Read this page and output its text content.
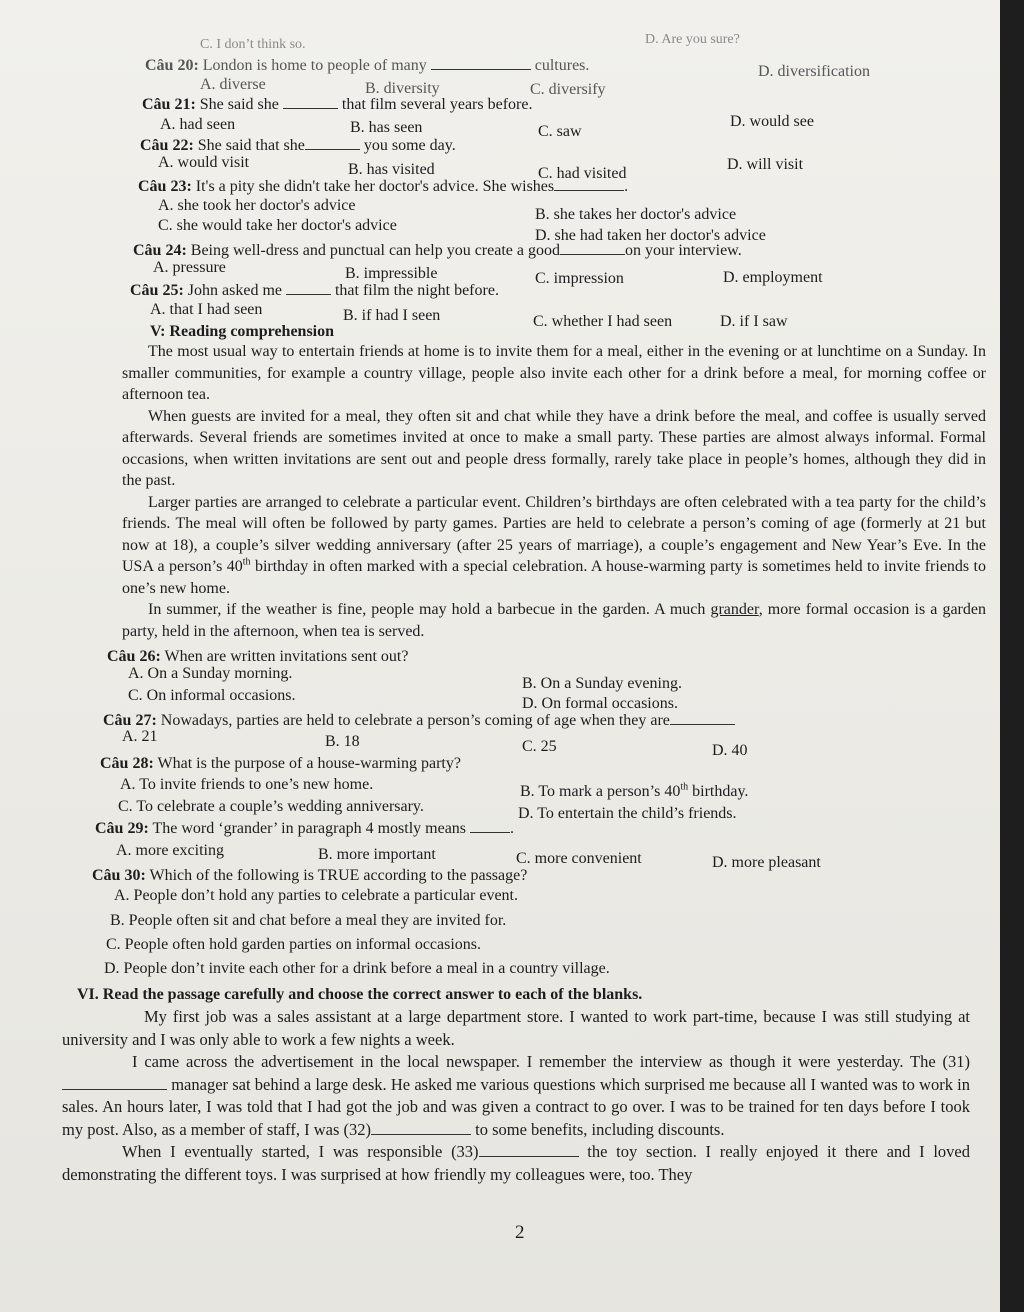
C. I don’t think so.	D. Are you sure?
Câu 20: London is home to people of many	cultures.
A. diverse	B. diversity	C. diversify
D. diversification
Câu 21: She said she	that film several years before.
A. had seen	B. has seen	C. saw
D. would see
Câu 22: She said that she	you some day.
A. would visit	B. has visited	C. had visited
D. will visit
Câu 23: It's a pity she didn't take her doctor's advice. She wishes	.
A. she took her doctor's advice
B. she takes her doctor's advice
C. she would take her doctor's advice
D. she had taken her doctor's advice
Câu 24: Being well-dress and punctual can help you create a good	on your interview.
A. pressure	B. impressible	C. impression	D. employment
Câu 25: John asked me	that film the night before.
A. that I had seen	B. if had I seen	C. whether I had seen	D. if I saw
V: Reading comprehension

The most usual way to entertain friends at home is to invite them for a meal, either in the evening or at lunchtime on a Sunday. In smaller communities, for example a country village, people also invite each other for a drink before a meal, for morning coffee or afternoon tea.

When guests are invited for a meal, they often sit and chat while they have a drink before the meal, and coffee is usually served afterwards. Several friends are sometimes invited at once to make a small party. These parties are almost always informal. Formal occasions, when written invitations are sent out and people dress formally, rarely take place in people’s homes, although they did in the past.

Larger parties are arranged to celebrate a particular event. Children’s birthdays are often celebrated with a tea party for the child’s friends. The meal will often be followed by party games. Parties are held to celebrate a person’s coming of age (formerly at 21 but now at 18), a couple’s silver wedding anniversary (after 25 years of marriage), a couple’s engagement and New Year’s Eve. In the USA a person’s 40th birthday in often marked with a special celebration. A house-warming party is sometimes held to invite friends to one’s new home.

In summer, if the weather is fine, people may hold a barbecue in the garden. A much grander, more formal occasion is a garden party, held in the afternoon, when tea is served.

Câu 26: When are written invitations sent out?
A. On a Sunday morning.
B. On a Sunday evening.
C. On informal occasions.	D. On formal occasions.
Câu 27: Nowadays, parties are held to celebrate a person’s coming of age when they are
A. 21	B. 18	C. 25	D. 40
Câu 28: What is the purpose of a house-warming party?
A. To invite friends to one’s new home.	B. To mark a person’s 40th birthday.
C. To celebrate a couple’s wedding anniversary.	D. To entertain the child’s friends.
Câu 29: The word ‘grander’ in paragraph 4 mostly means	.
A. more exciting	B. more important	C. more convenient	D. more pleasant
Câu 30: Which of the following is TRUE according to the passage?
A. People don’t hold any parties to celebrate a particular event.
B. People often sit and chat before a meal they are invited for.
C. People often hold garden parties on informal occasions.
D. People don’t invite each other for a drink before a meal in a country village.
VI. Read the passage carefully and choose the correct answer to each of the blanks.

My first job was a sales assistant at a large department store. I wanted to work part-time, because I was still studying at university and I was only able to work a few nights a week.

I came across the advertisement in the local newspaper. I remember the interview as though it were yesterday. The (31) manager sat behind a large desk. He asked me various questions which surprised me because all I wanted was to work in sales. An hours later, I was told that I had got the job and was given a contract to go over. I was to be trained for ten days before I took my post. Also, as a member of staff, I was (32)	to some benefits, including discounts.

When I eventually started, I was responsible (33)	the toy section. I really enjoyed it there and I loved demonstrating the different toys. I was surprised at how friendly my colleagues were, too. They

2
